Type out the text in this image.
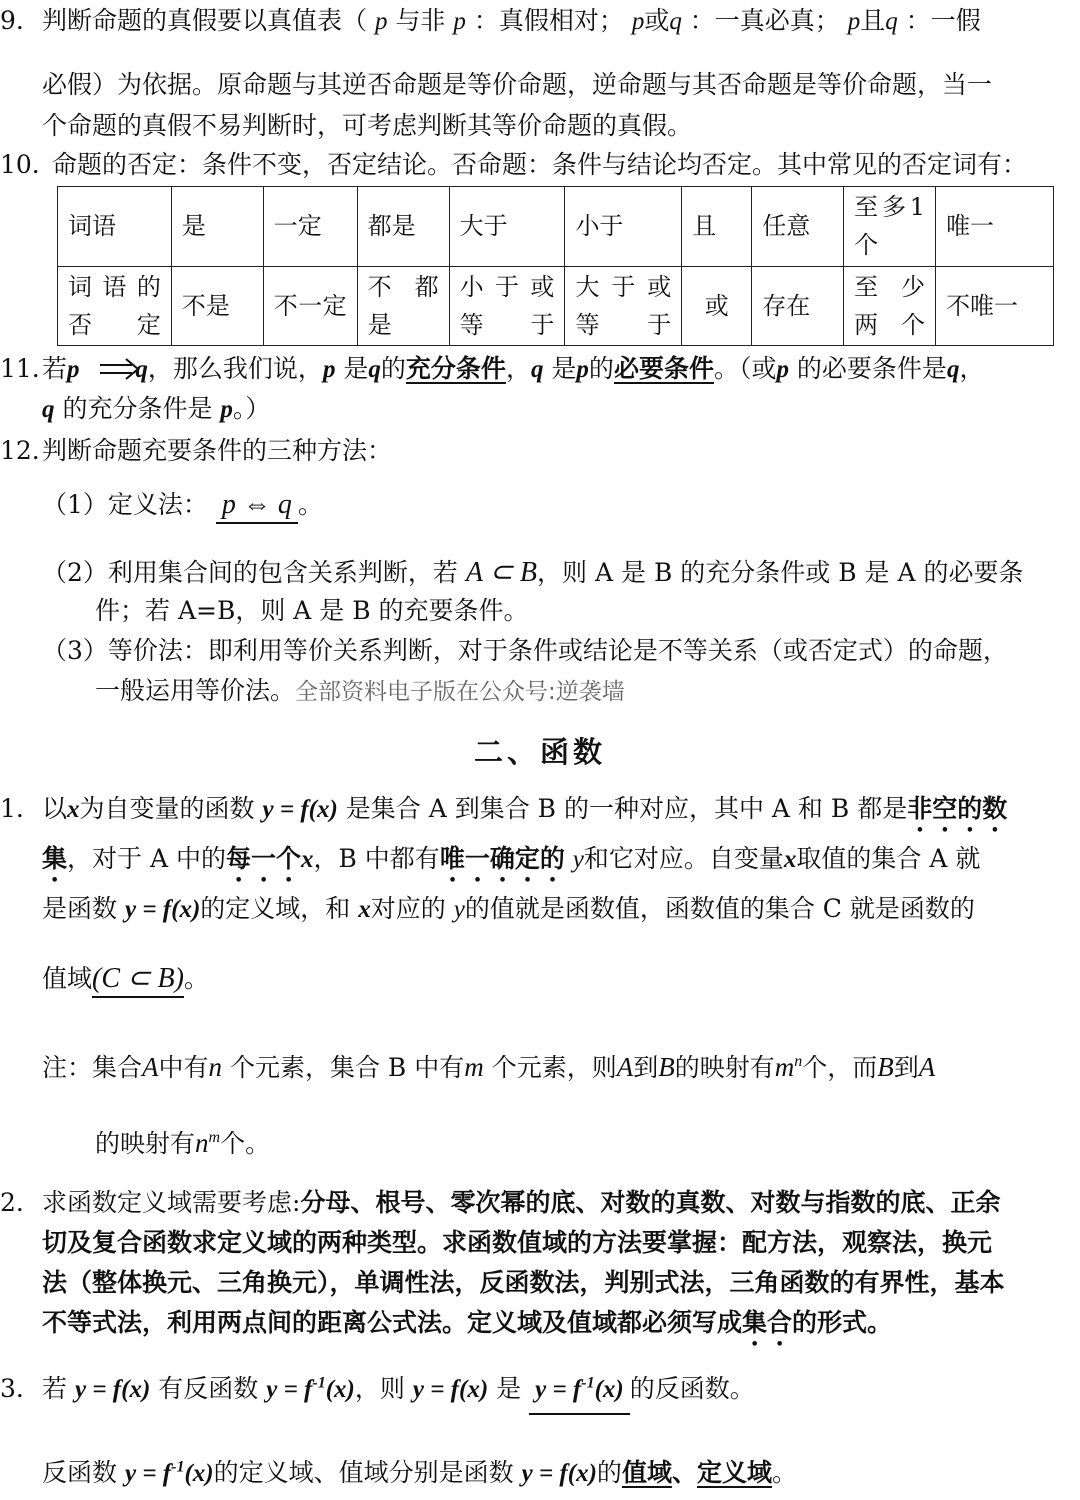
9. 判断命题的真假要以真值表（ p 与非 p ：真假相对； p或q ：一真必真； p且q ：一假
必假）为依据。原命题与其逆否命题是等价命题，逆命题与其否命题是等价命题，当一
个命题的真假不易判断时，可考虑判断其等价命题的真假。
10. 命题的否定：条件不变，否定结论。否命题：条件与结论均否定。其中常见的否定词有：
词语	是	一定	都是	大于	小于	且	任意	至多1个	唯一
词语的否定	不是	不一定	不都是	小于或等于	大于或等于	或	存在	至少两个	不唯一
11. 若p q，那么我们说，p 是q的充分条件，q 是p的必要条件。（或p 的必要条件是q，
q 的充分条件是 p。）
12. 判断命题充要条件的三种方法：
（1）定义法： p ⇔ q 。
（2）利用集合间的包含关系判断，若 A ⊂ B，则 A 是 B 的充分条件或 B 是 A 的必要条
件；若 A=B，则 A 是 B 的充要条件。
（3）等价法：即利用等价关系判断，对于条件或结论是不等关系（或否定式）的命题，
一般运用等价法。全部资料电子版在公众号:逆袭墙
二、函数
1. 以x为自变量的函数 y = f(x) 是集合 A 到集合 B 的一种对应，其中 A 和 B 都是非空的数
集，对于 A 中的每一个x，B 中都有唯一确定的 y和它对应。自变量x取值的集合 A 就
是函数 y = f(x)的定义域，和 x对应的 y的值就是函数值，函数值的集合 C 就是函数的
值域(C ⊂ B)。
注：集合A中有n 个元素，集合 B 中有m 个元素，则A到B的映射有$m^n$个，而B到A
的映射有$n^m$个。
2. 求函数定义域需要考虑:分母、根号、零次幂的底、对数的真数、对数与指数的底、正余
切及复合函数求定义域的两种类型。求函数值域的方法要掌握：配方法，观察法，换元
法（整体换元、三角换元），单调性法，反函数法，判别式法，三角函数的有界性，基本
不等式法，利用两点间的距离公式法。定义域及值域都必须写成集合的形式。
3. 若 y = f(x) 有反函数 $y = f^{-1}(x)$，则 y = f(x) 是 $y = f^{-1}(x)$ 的反函数。
反函数 $y = f^{-1}(x)$的定义域、值域分别是函数 y = f(x)的值域、定义域。
